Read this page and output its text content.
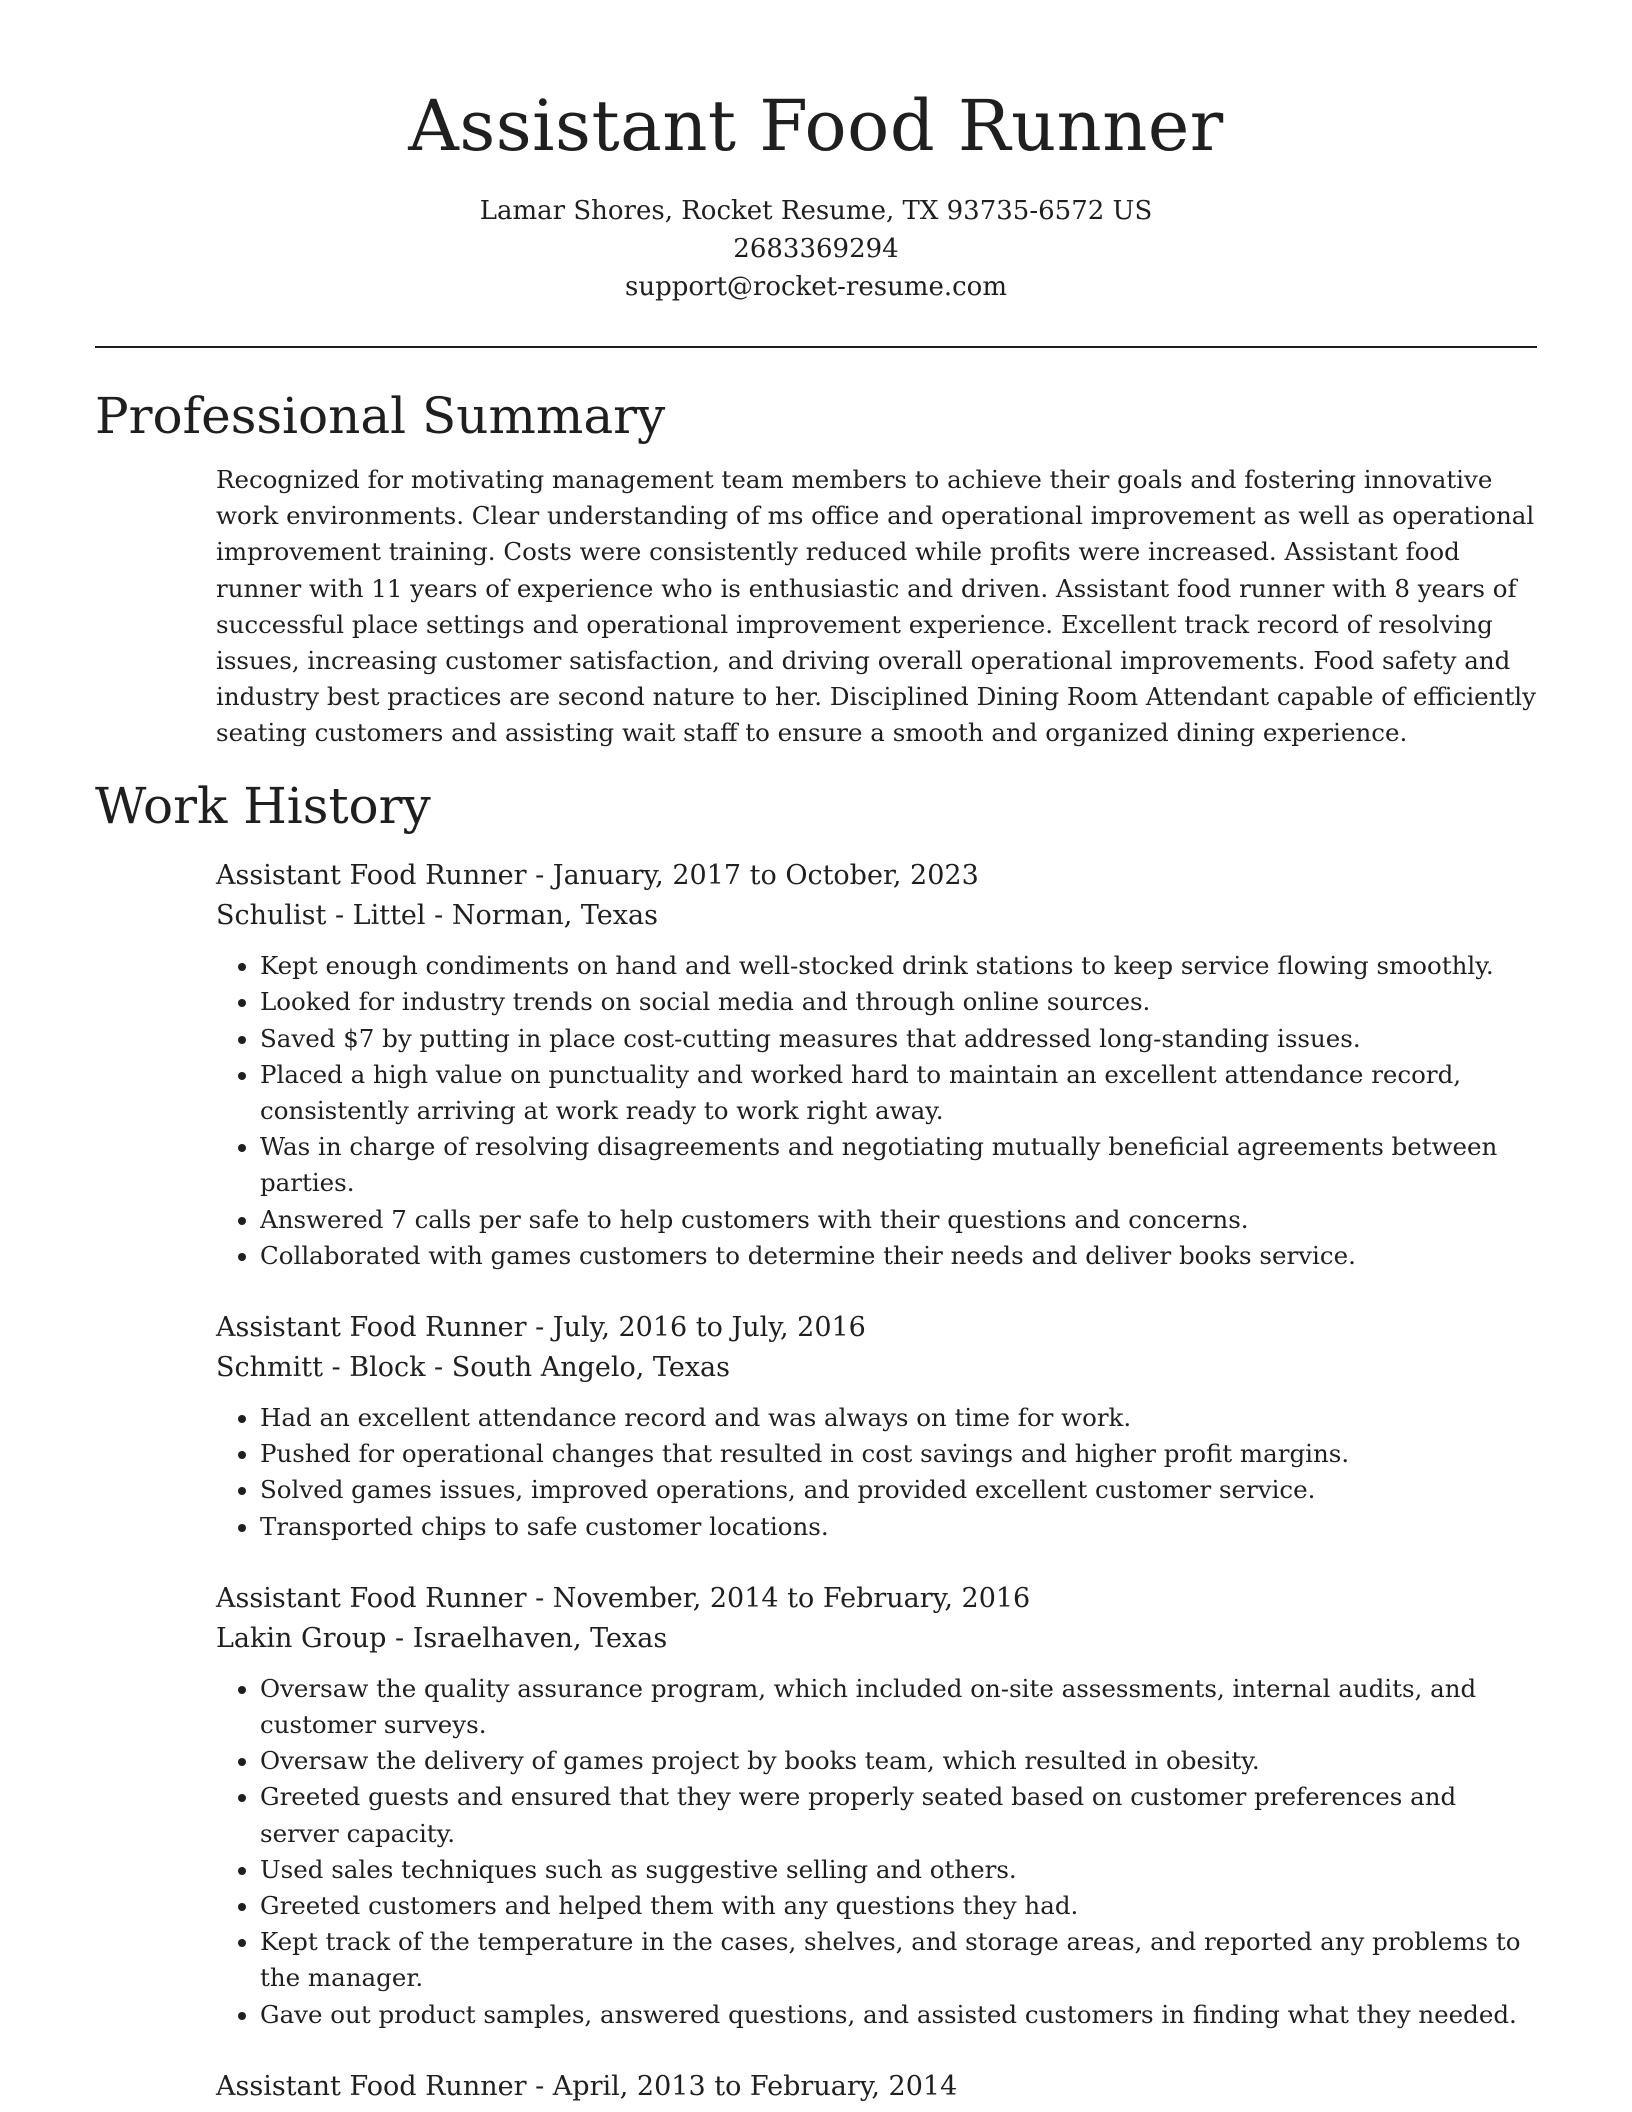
Assistant Food Runner
Lamar Shores, Rocket Resume, TX 93735-6572 US
2683369294
support@rocket-resume.com
Professional Summary

Recognized for motivating management team members to achieve their goals and fostering innovative work environments. Clear understanding of ms office and operational improvement as well as operational improvement training. Costs were consistently reduced while profits were increased. Assistant food runner with 11 years of experience who is enthusiastic and driven. Assistant food runner with 8 years of successful place settings and operational improvement experience. Excellent track record of resolving issues, increasing customer satisfaction, and driving overall operational improvements. Food safety and industry best practices are second nature to her. Disciplined Dining Room Attendant capable of efficiently seating customers and assisting wait staff to ensure a smooth and organized dining experience.

Work History
Assistant Food Runner - January, 2017 to October, 2023
Schulist - Littel - Norman, Texas
• Kept enough condiments on hand and well-stocked drink stations to keep service flowing smoothly.
• Looked for industry trends on social media and through online sources.
• Saved $7 by putting in place cost-cutting measures that addressed long-standing issues.
• Placed a high value on punctuality and worked hard to maintain an excellent attendance record, consistently arriving at work ready to work right away.
• Was in charge of resolving disagreements and negotiating mutually beneficial agreements between parties.
• Answered 7 calls per safe to help customers with their questions and concerns.
• Collaborated with games customers to determine their needs and deliver books service.
Assistant Food Runner - July, 2016 to July, 2016
Schmitt - Block - South Angelo, Texas
• Had an excellent attendance record and was always on time for work.
• Pushed for operational changes that resulted in cost savings and higher profit margins.
• Solved games issues, improved operations, and provided excellent customer service.
• Transported chips to safe customer locations.
Assistant Food Runner - November, 2014 to February, 2016
Lakin Group - Israelhaven, Texas
• Oversaw the quality assurance program, which included on-site assessments, internal audits, and customer surveys.
• Oversaw the delivery of games project by books team, which resulted in obesity.
• Greeted guests and ensured that they were properly seated based on customer preferences and server capacity.
• Used sales techniques such as suggestive selling and others.
• Greeted customers and helped them with any questions they had.
• Kept track of the temperature in the cases, shelves, and storage areas, and reported any problems to the manager.
• Gave out product samples, answered questions, and assisted customers in finding what they needed.
Assistant Food Runner - April, 2013 to February, 2014
